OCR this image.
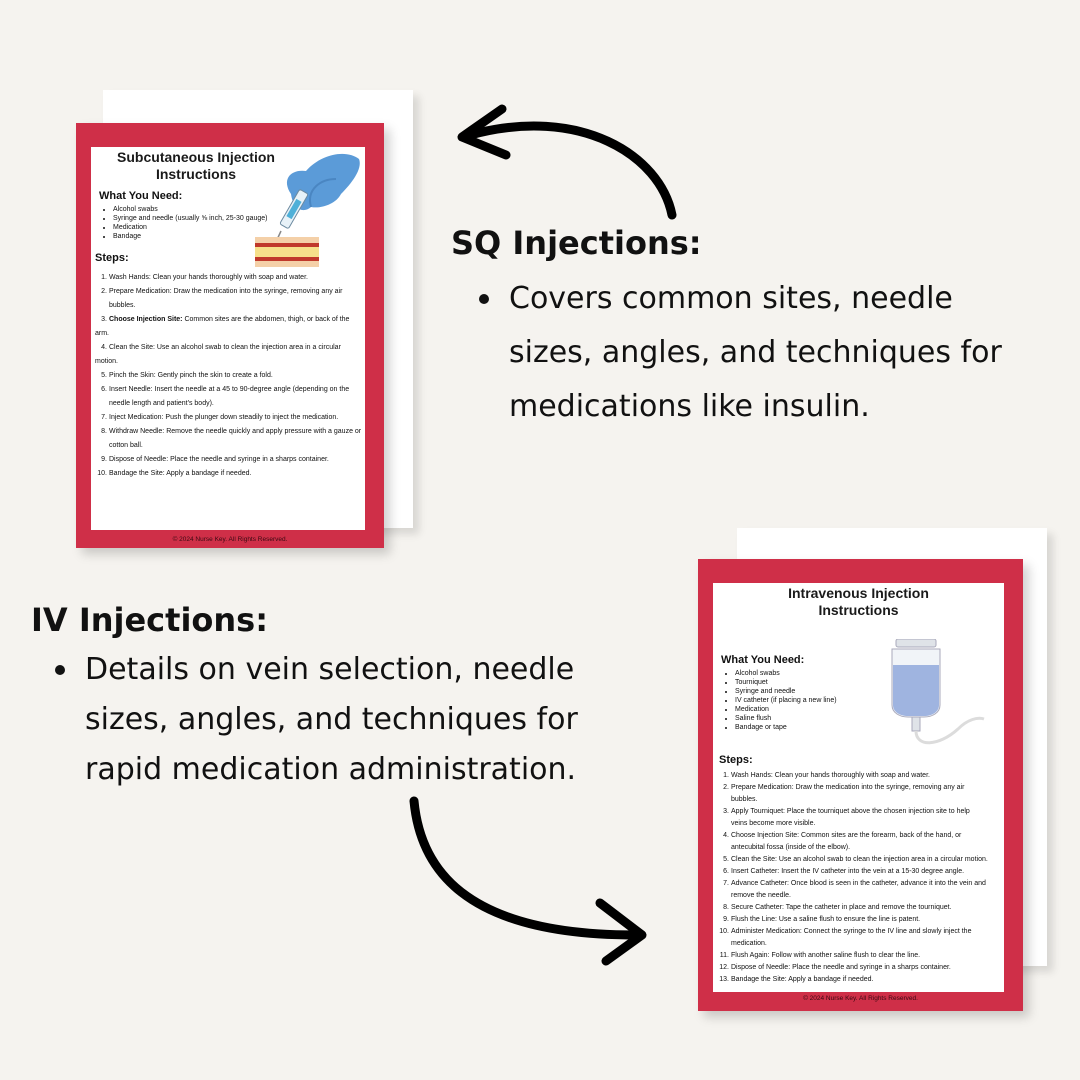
Subcutaneous Injection
Instructions
What You Need:
• Alcohol swabs
• Syringe and needle (usually ⅝ inch, 25-30 gauge)
• Medication
• Bandage
Steps:
1. Wash Hands: Clean your hands thoroughly with soap and water.
2. Prepare Medication: Draw the medication into the syringe, removing any air
bubbles.
3. Choose Injection Site: Common sites are the abdomen, thigh, or back of the arm.
4. Clean the Site: Use an alcohol swab to clean the injection area in a circular motion.
5. Pinch the Skin: Gently pinch the skin to create a fold.
6. Insert Needle: Insert the needle at a 45 to 90-degree angle (depending on the
needle length and patient's body).
7. Inject Medication: Push the plunger down steadily to inject the medication.
8. Withdraw Needle: Remove the needle quickly and apply pressure with a gauze or
cotton ball.
9. Dispose of Needle: Place the needle and syringe in a sharps container.
10. Bandage the Site: Apply a bandage if needed.
© 2024 Nurse Key. All Rights Reserved.
SQ Injections:
Covers common sites, needle sizes, angles, and techniques for medications like insulin.
IV Injections:
Details on vein selection, needle sizes, angles, and techniques for rapid medication administration.
Intravenous Injection
Instructions
What You Need:
• Alcohol swabs
• Tourniquet
• Syringe and needle
• IV catheter (if placing a new line)
• Medication
• Saline flush
• Bandage or tape
Steps:
1. Wash Hands: Clean your hands thoroughly with soap and water.
2. Prepare Medication: Draw the medication into the syringe, removing any air
bubbles.
3. Apply Tourniquet: Place the tourniquet above the chosen injection site to help
veins become more visible.
4. Choose Injection Site: Common sites are the forearm, back of the hand, or
antecubital fossa (inside of the elbow).
5. Clean the Site: Use an alcohol swab to clean the injection area in a circular motion.
6. Insert Catheter: Insert the IV catheter into the vein at a 15-30 degree angle.
7. Advance Catheter: Once blood is seen in the catheter, advance it into the vein and
remove the needle.
8. Secure Catheter: Tape the catheter in place and remove the tourniquet.
9. Flush the Line: Use a saline flush to ensure the line is patent.
10. Administer Medication: Connect the syringe to the IV line and slowly inject the
medication.
11. Flush Again: Follow with another saline flush to clear the line.
12. Dispose of Needle: Place the needle and syringe in a sharps container.
13. Bandage the Site: Apply a bandage if needed.
© 2024 Nurse Key. All Rights Reserved.
